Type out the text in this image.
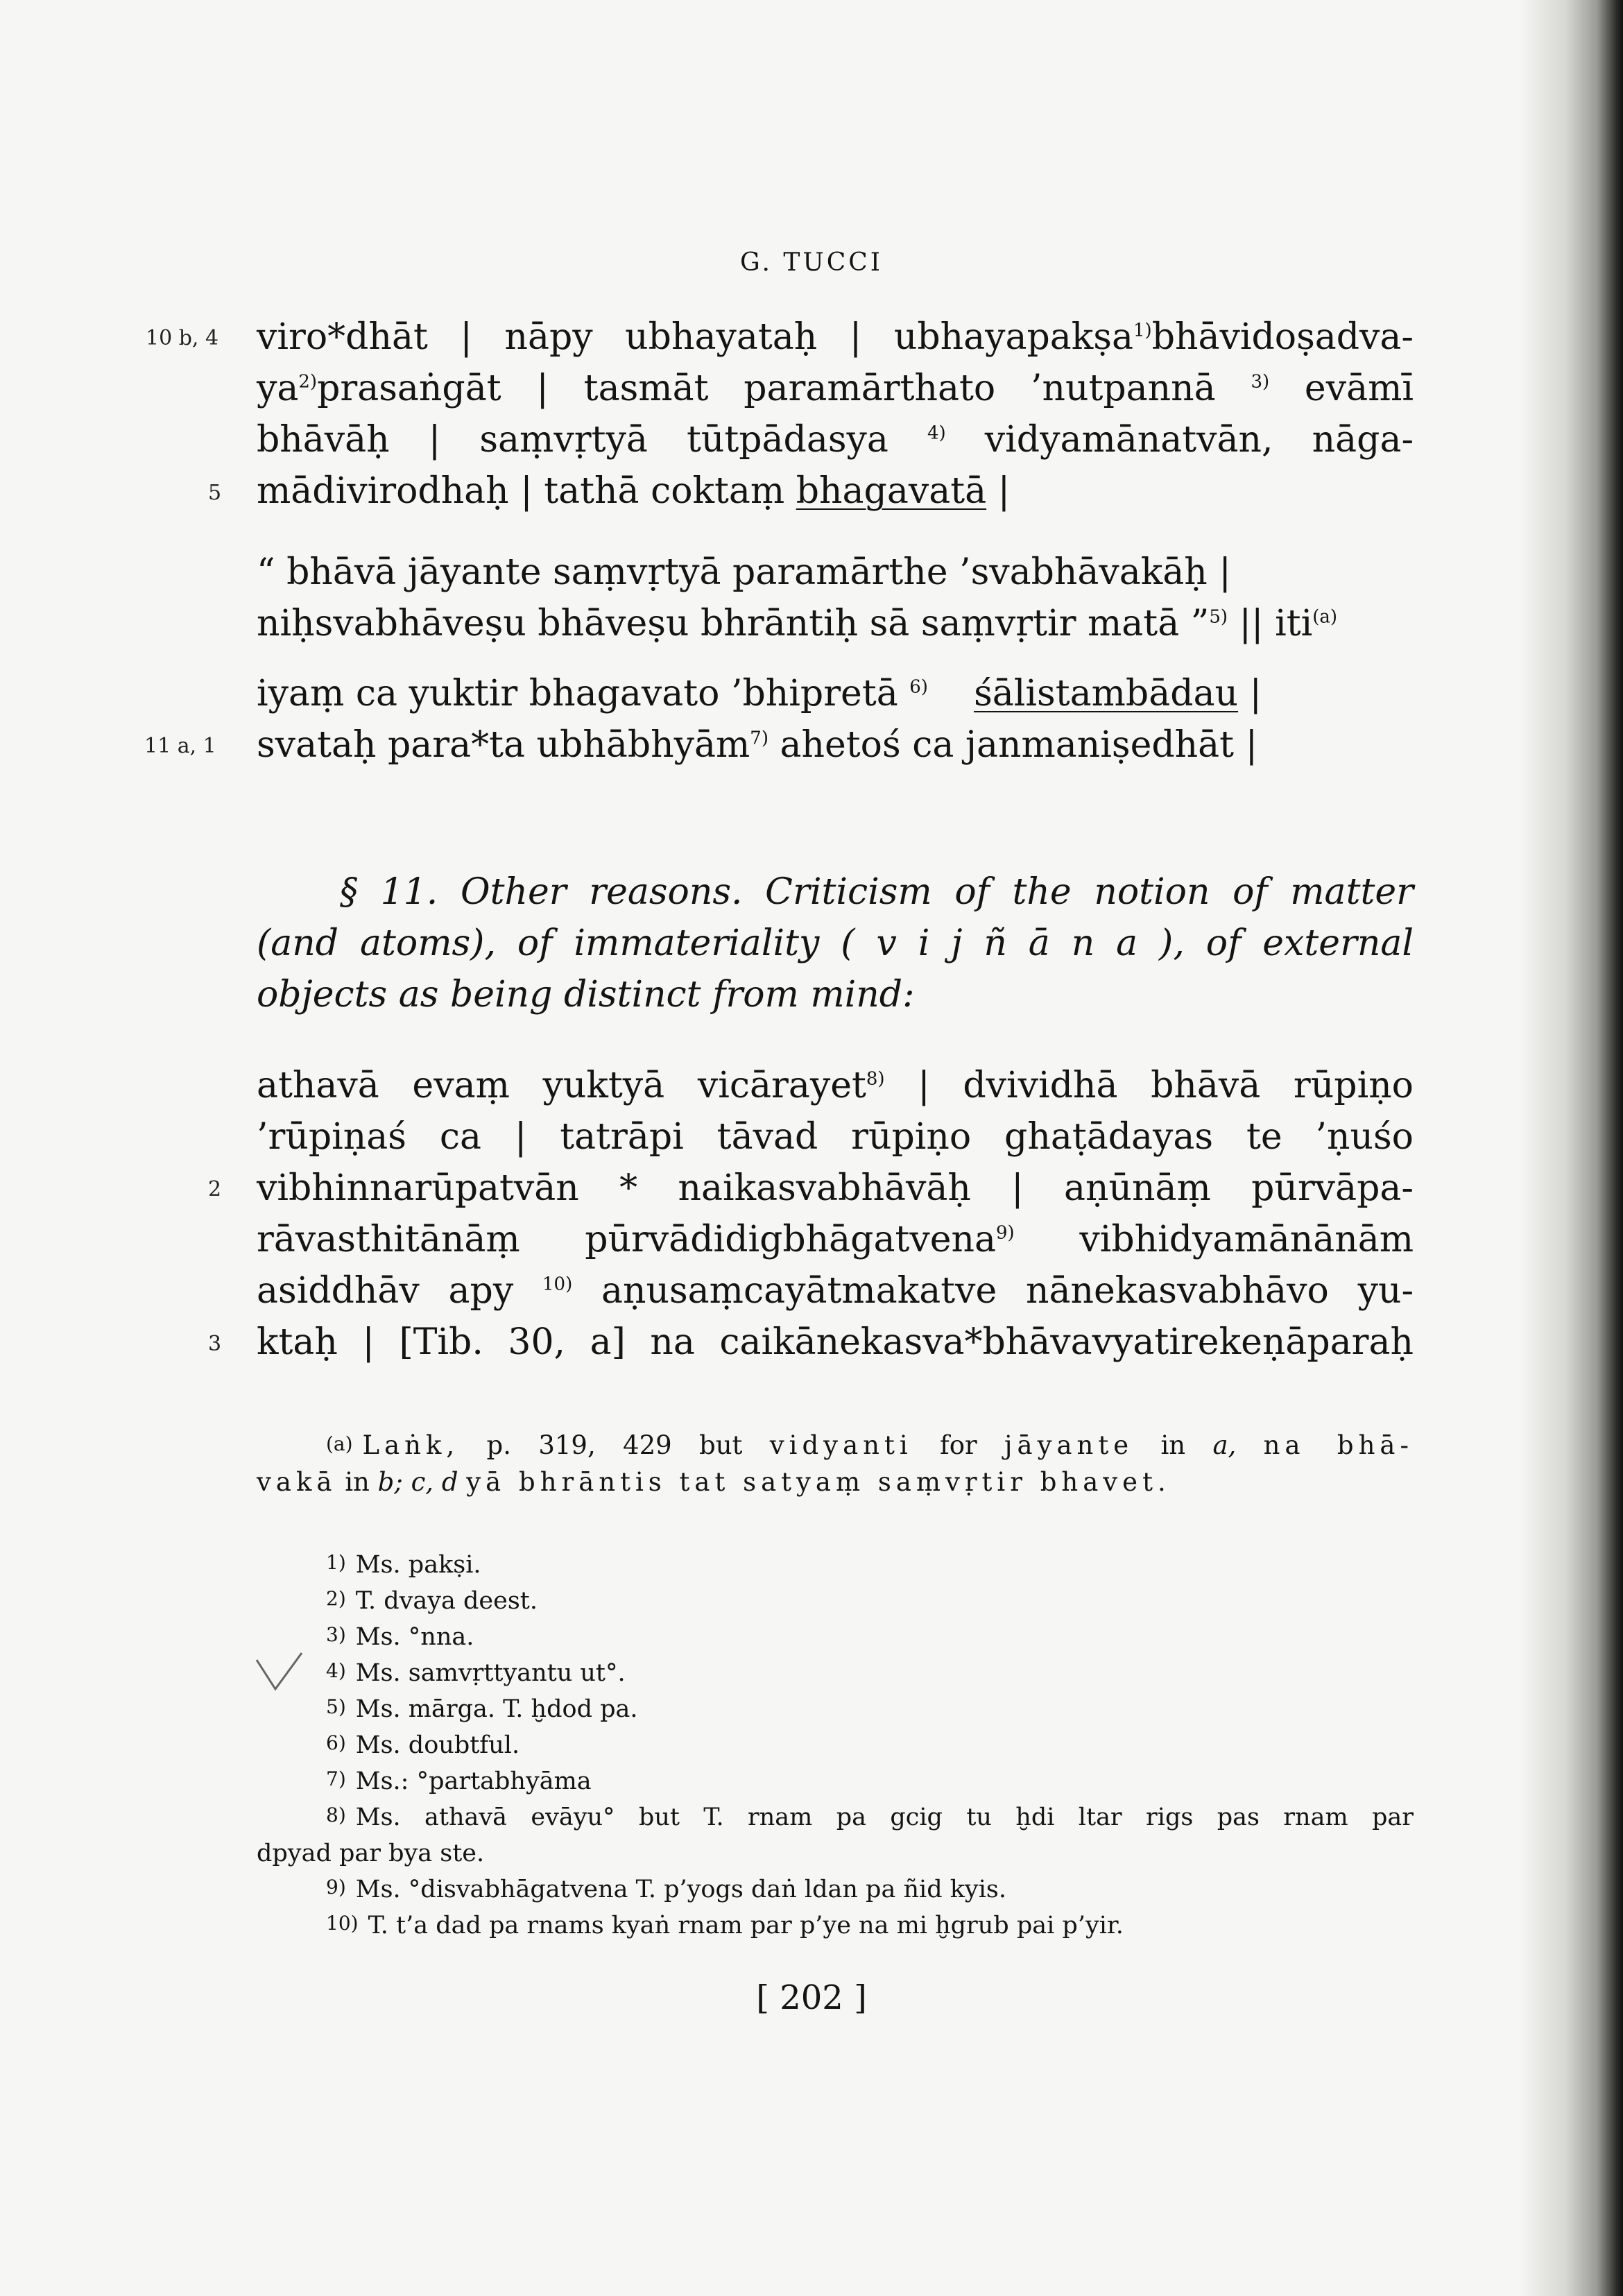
G. TUCCI
10 b, 4
5
11 a, 1
2
3
viro*dhāt | nāpy ubhayataḥ | ubhayapakṣa$^{1)}$bhāvidoṣadva-
$ya^{2)}prasaṅgāt$ | tasmāt paramārthato ’nutpannā $^{3)}$ evāmī
bhāvāḥ | saṃvṛtyā tūtpādasya $^{4)}$ vidyamānatvān, nāga-
mādivirodhaḥ | tathā coktaṃ bhagavatā |
“ bhāvā jāyante saṃvṛtyā paramārthe ’svabhāvakāḥ |
niḥsvabhāveṣu bhāveṣu bhrāntiḥ sā saṃvṛtir matā ”$^{5)}$ || iti$^{(a)}$
iyaṃ ca yuktir bhagavato ’bhipretā $^{6)}$ śālistambādau |
svataḥ para*ta ubhābhyām$^{7)}$ ahetoś ca janmaniṣedhāt |
§ 11. Other reasons. Criticism of the notion of matter
(and atoms), of immateriality ( v i j ñ ā n a ), of external
objects as being distinct from mind:
athavā evaṃ yuktyā vicārayet$^{8)}$ | dvividhā bhāvā rūpiṇo
’rūpiṇaś ca | tatrāpi tāvad rūpiṇo ghaṭādayas te ’ṇuśo
vibhinnarūpatvān * naikasvabhāvāḥ | aṇūnāṃ pūrvāpa-
rāvasthitānāṃ pūrvādidigbhāgatvena$^{9)}$ vibhidyamānānām
asiddhāv apy $^{10)}$ aṇusaṃcayātmakatve nānekasvabhāvo yu-
ktaḥ | [Tib. 30, a] na caikānekasva*bhāvavyatirekeṇāparaḥ
(a) Laṅk, p. 319, 429 but vidyanti for jāyante in a, na bhā-
vakā in b; c, d yā bhrāntis tat satyaṃ saṃvṛtir bhavet.
1) Ms. pakṣi.
2) T. dvaya deest.
3) Ms. °nna.
4) Ms. samvṛttyantu ut°.
5) Ms. mārga. T. ḫdod pa.
6) Ms. doubtful.
7) Ms.: °partabhyāma
8) Ms. athavā evāyu° but T. rnam pa gcig tu ḫdi ltar rigs pas rnam par
dpyad par bya ste.
9) Ms. °disvabhāgatvena T. p’yogs daṅ ldan pa ñid kyis.
10) T. t’a dad pa rnams kyaṅ rnam par p’ye na mi ḫgrub pai p’yir.
[ 202 ]
